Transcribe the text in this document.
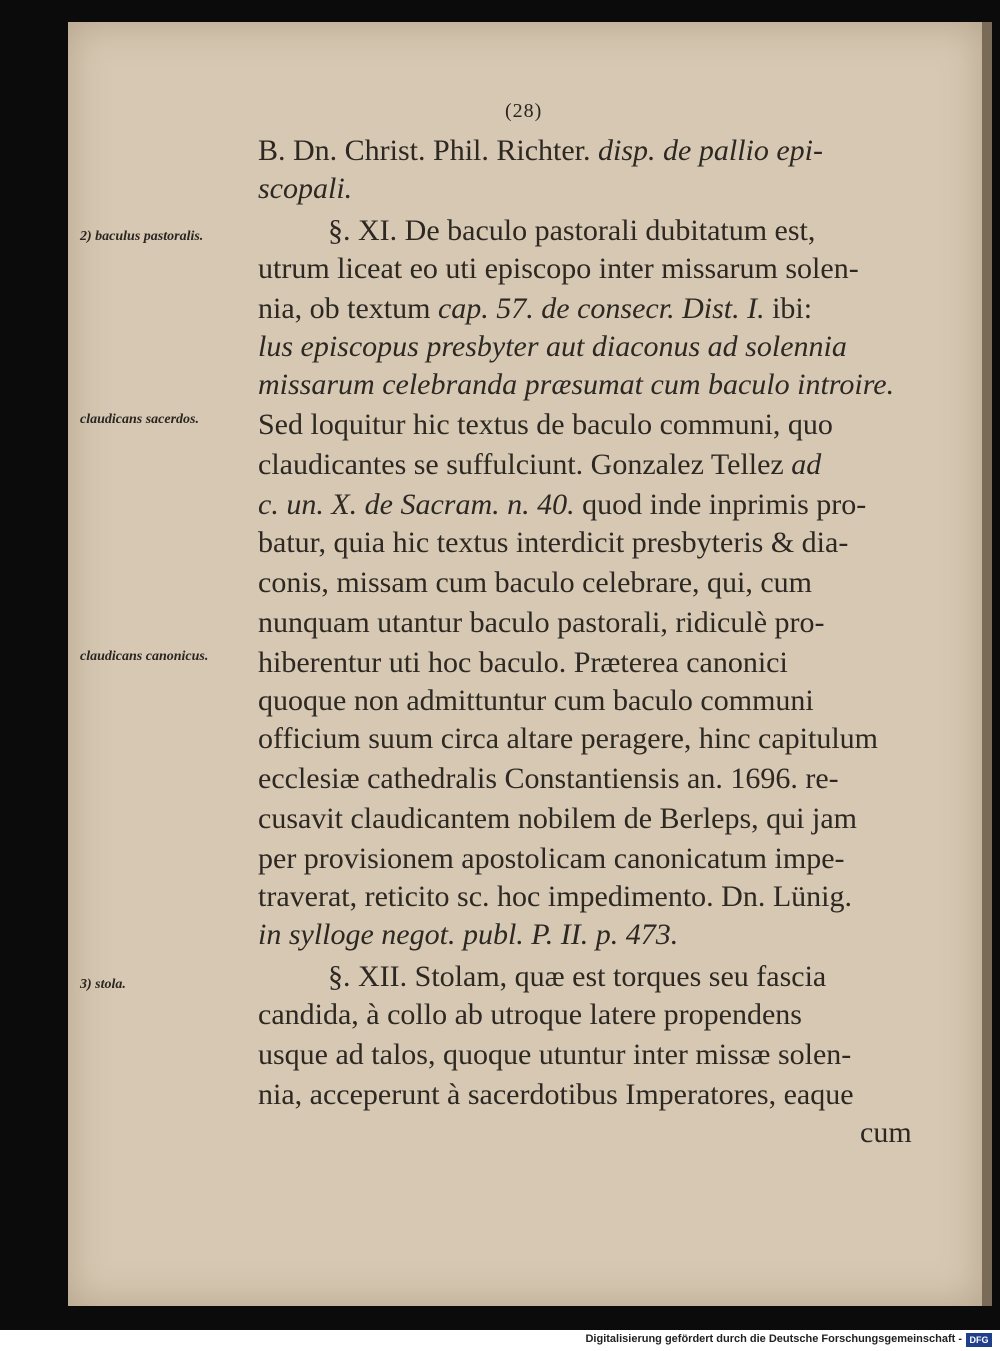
(28)
2) baculus pastoralis.
claudicans sacerdos.
claudicans canonicus.
3) stola.
B. Dn. Christ. Phil. Richter. disp. de pallio epi-
scopali.
§. XI. De baculo pastorali dubitatum est,
utrum liceat eo uti episcopo inter missarum solen-
nia, ob textum cap. 57. de consecr. Dist. I. ibi:
lus episcopus presbyter aut diaconus ad solennia
missarum celebranda præsumat cum baculo introire.
Sed loquitur hic textus de baculo communi, quo
claudicantes se suffulciunt. Gonzalez Tellez ad
c. un. X. de Sacram. n. 40. quod inde inprimis pro-
batur, quia hic textus interdicit presbyteris & dia-
conis, missam cum baculo celebrare, qui, cum
nunquam utantur baculo pastorali, ridiculè pro-
hiberentur uti hoc baculo. Præterea canonici
quoque non admittuntur cum baculo communi
officium suum circa altare peragere, hinc capitulum
ecclesiæ cathedralis Constantiensis an. 1696. re-
cusavit claudicantem nobilem de Berleps, qui jam
per provisionem apostolicam canonicatum impe-
traverat, reticito sc. hoc impedimento. Dn. Lünig.
in sylloge negot. publ. P. II. p. 473.
§. XII. Stolam, quæ est torques seu fascia
candida, à collo ab utroque latere propendens
usque ad talos, quoque utuntur inter missæ solen-
nia, acceperunt à sacerdotibus Imperatores, eaque
cum
Digitalisierung gefördert durch die Deutsche Forschungsgemeinschaft - DFG
